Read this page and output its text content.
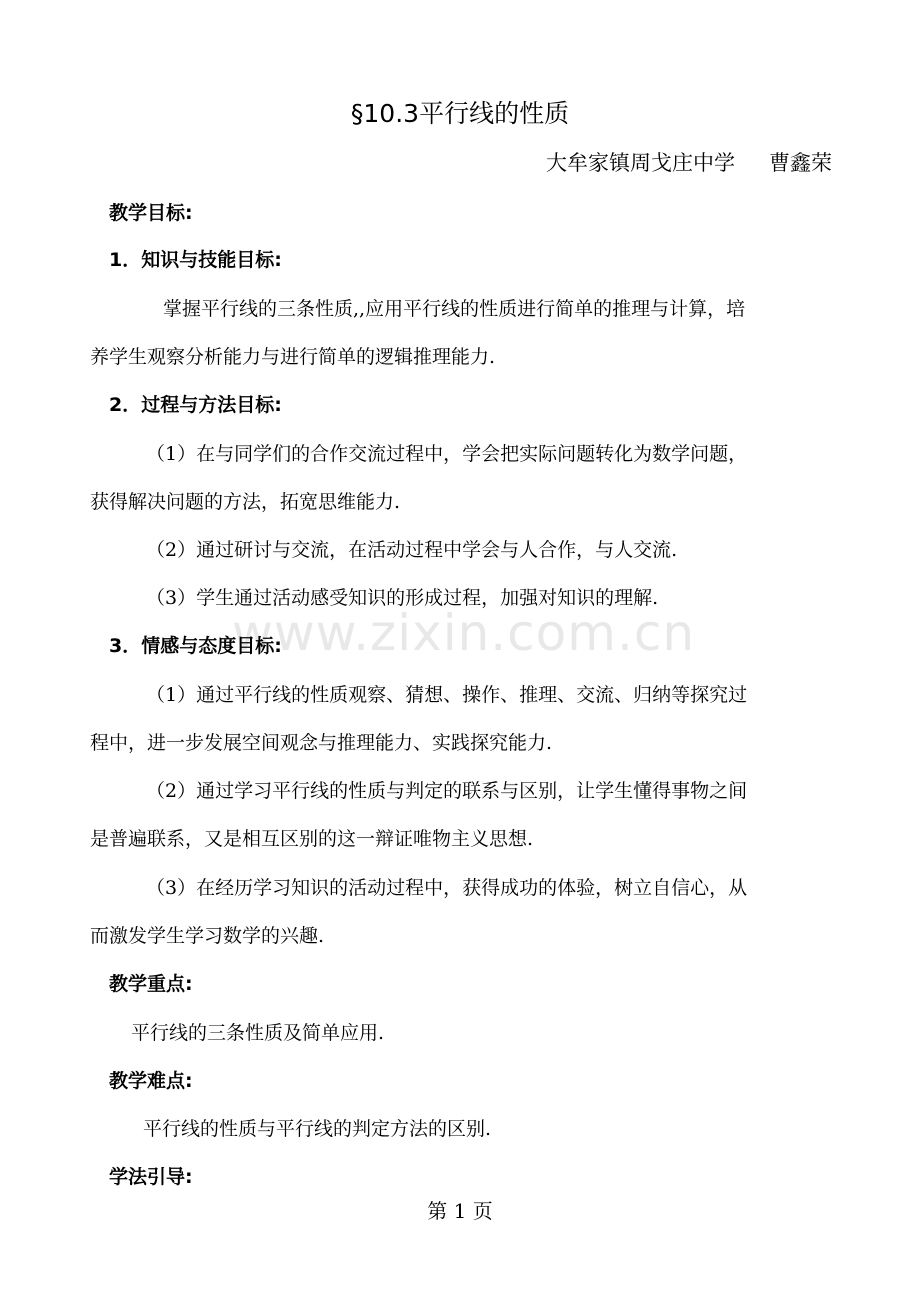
§10.3平行线的性质
大牟家镇周戈庄中学 曹鑫荣
教学目标:
1．知识与技能目标:
掌握平行线的三条性质,,应用平行线的性质进行简单的推理与计算，培
养学生观察分析能力与进行简单的逻辑推理能力.
2．过程与方法目标:
（1）在与同学们的合作交流过程中，学会把实际问题转化为数学问题，
获得解决问题的方法，拓宽思维能力.
（2）通过研讨与交流，在活动过程中学会与人合作，与人交流.
（3）学生通过活动感受知识的形成过程，加强对知识的理解.
www.zixin.com.cn
3．情感与态度目标:
（1）通过平行线的性质观察、猜想、操作、推理、交流、归纳等探究过
程中，进一步发展空间观念与推理能力、实践探究能力.
（2）通过学习平行线的性质与判定的联系与区别，让学生懂得事物之间
是普遍联系，又是相互区别的这一辩证唯物主义思想.
（3）在经历学习知识的活动过程中，获得成功的体验，树立自信心，从
而激发学生学习数学的兴趣.
教学重点:
平行线的三条性质及简单应用.
教学难点:
平行线的性质与平行线的判定方法的区别.
学法引导:
第 1 页
